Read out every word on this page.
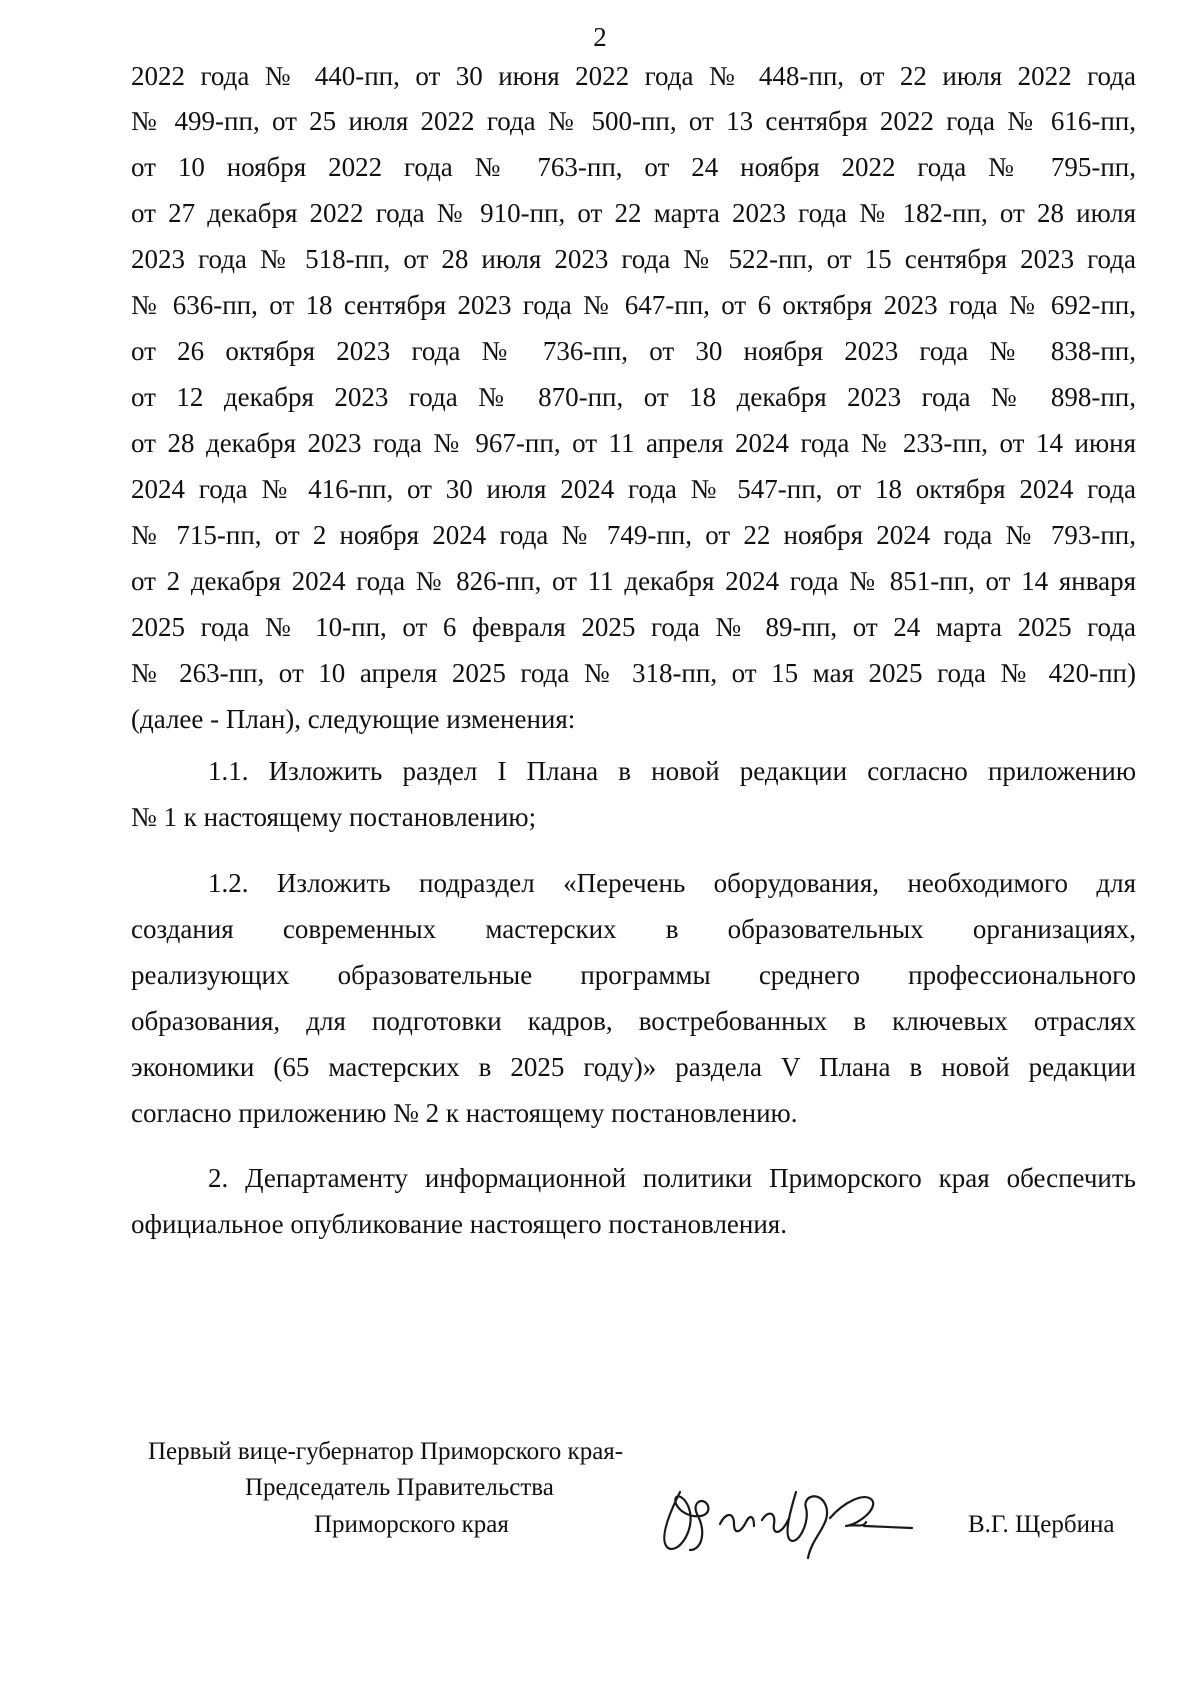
2
2022 года № 440-пп, от 30 июня 2022 года № 448-пп, от 22 июля 2022 года
№ 499-пп, от 25 июля 2022 года № 500-пп, от 13 сентября 2022 года № 616-пп,
от 10 ноября 2022 года № 763-пп, от 24 ноября 2022 года № 795-пп,
от 27 декабря 2022 года № 910-пп, от 22 марта 2023 года № 182-пп, от 28 июля
2023 года № 518-пп, от 28 июля 2023 года № 522-пп, от 15 сентября 2023 года
№ 636-пп, от 18 сентября 2023 года № 647-пп, от 6 октября 2023 года № 692-пп,
от 26 октября 2023 года № 736-пп, от 30 ноября 2023 года № 838-пп,
от 12 декабря 2023 года № 870-пп, от 18 декабря 2023 года № 898-пп,
от 28 декабря 2023 года № 967-пп, от 11 апреля 2024 года № 233-пп, от 14 июня
2024 года № 416-пп, от 30 июля 2024 года № 547-пп, от 18 октября 2024 года
№ 715-пп, от 2 ноября 2024 года № 749-пп, от 22 ноября 2024 года № 793-пп,
от 2 декабря 2024 года № 826-пп, от 11 декабря 2024 года № 851-пп, от 14 января
2025 года № 10-пп, от 6 февраля 2025 года № 89-пп, от 24 марта 2025 года
№ 263-пп, от 10 апреля 2025 года № 318-пп, от 15 мая 2025 года № 420-пп)
(далее - План), следующие изменения:
1.1. Изложить раздел I Плана в новой редакции согласно приложению
№ 1 к настоящему постановлению;
1.2. Изложить подраздел «Перечень оборудования, необходимого для
создания современных мастерских в образовательных организациях,
реализующих образовательные программы среднего профессионального
образования, для подготовки кадров, востребованных в ключевых отраслях
экономики (65 мастерских в 2025 году)» раздела V Плана в новой редакции
согласно приложению № 2 к настоящему постановлению.
2. Департаменту информационной политики Приморского края обеспечить
официальное опубликование настоящего постановления.
Первый вице-губернатор Приморского края-
Председатель Правительства
Приморского края	В.Г. Щербина
